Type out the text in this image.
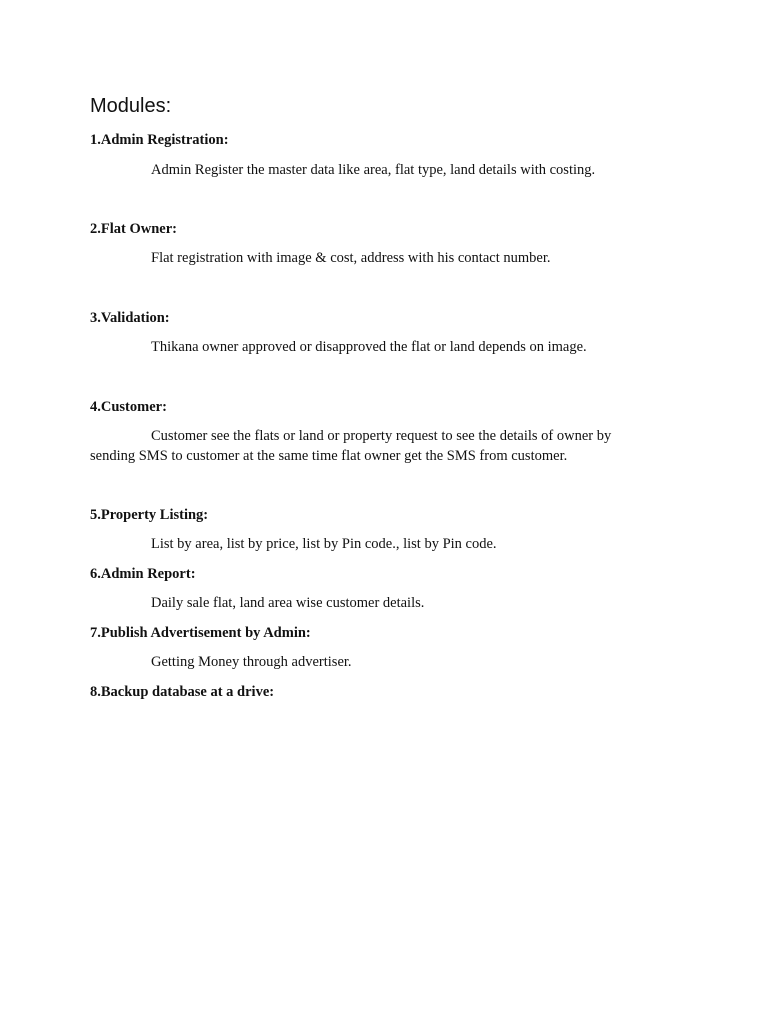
Modules:
1.Admin Registration:

Admin Register the master data like area, flat type, land details with costing.

2.Flat Owner:

Flat registration with image & cost, address with his contact number.

3.Validation:

Thikana owner approved or disapproved the flat or land depends on image.

4.Customer:

Customer see the flats or land or property request to see the details of owner by sending SMS to customer at the same time flat owner get the SMS from customer.

5.Property Listing:

List by area, list by price, list by Pin code., list by Pin code.

6.Admin Report:

Daily sale flat, land area wise customer details.

7.Publish Advertisement by Admin:

Getting Money through advertiser.

8.Backup database at a drive:
